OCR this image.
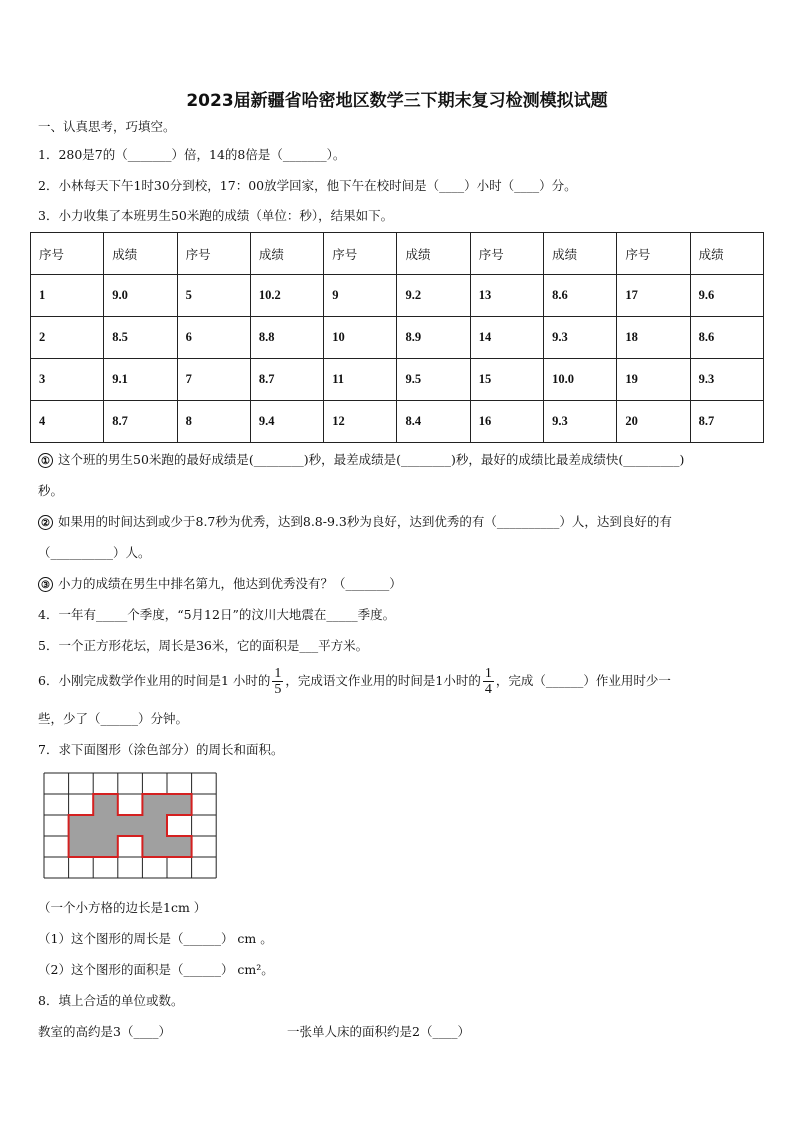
2023届新疆省哈密地区数学三下期末复习检测模拟试题
一、认真思考，巧填空。
1．280是7的（_______）倍，14的8倍是（_______）。
2．小林每天下午1时30分到校，17：00放学回家，他下午在校时间是（____）小时（____）分。
3．小力收集了本班男生50米跑的成绩（单位：秒），结果如下。
序号	成绩	序号	成绩	序号	成绩	序号	成绩	序号	成绩
1	9.0	5	10.2	9	9.2	13	8.6	17	9.6
2	8.5	6	8.8	10	8.9	14	9.3	18	8.6
3	9.1	7	8.7	11	9.5	15	10.0	19	9.3
4	8.7	8	9.4	12	8.4	16	9.3	20	8.7
① 这个班的男生50米跑的最好成绩是(________)秒，最差成绩是(________)秒，最好的成绩比最差成绩快(_________)
秒。
② 如果用的时间达到或少于8.7秒为优秀，达到8.8-9.3秒为良好，达到优秀的有（__________）人，达到良好的有
（__________）人。
③ 小力的成绩在男生中排名第九，他达到优秀没有？（_______）
4．一年有_____个季度，“5月12日”的汶川大地震在_____季度。
5．一个正方形花坛，周长是36米，它的面积是___平方米。
6．小刚完成数学作业用的时间是1 小时的 $\frac{1}{5}$ ，完成语文作业用的时间是1小时的 $\frac{1}{4}$ ，完成（______）作业用时少一
些，少了（______）分钟。
7．求下面图形（涂色部分）的周长和面积。
（一个小方格的边长是1cm ）
（1）这个图形的周长是（______） cm 。
（2）这个图形的面积是（______） cm²。
8．填上合适的单位或数。
教室的高约是3（____）	一张单人床的面积约是2（____）
